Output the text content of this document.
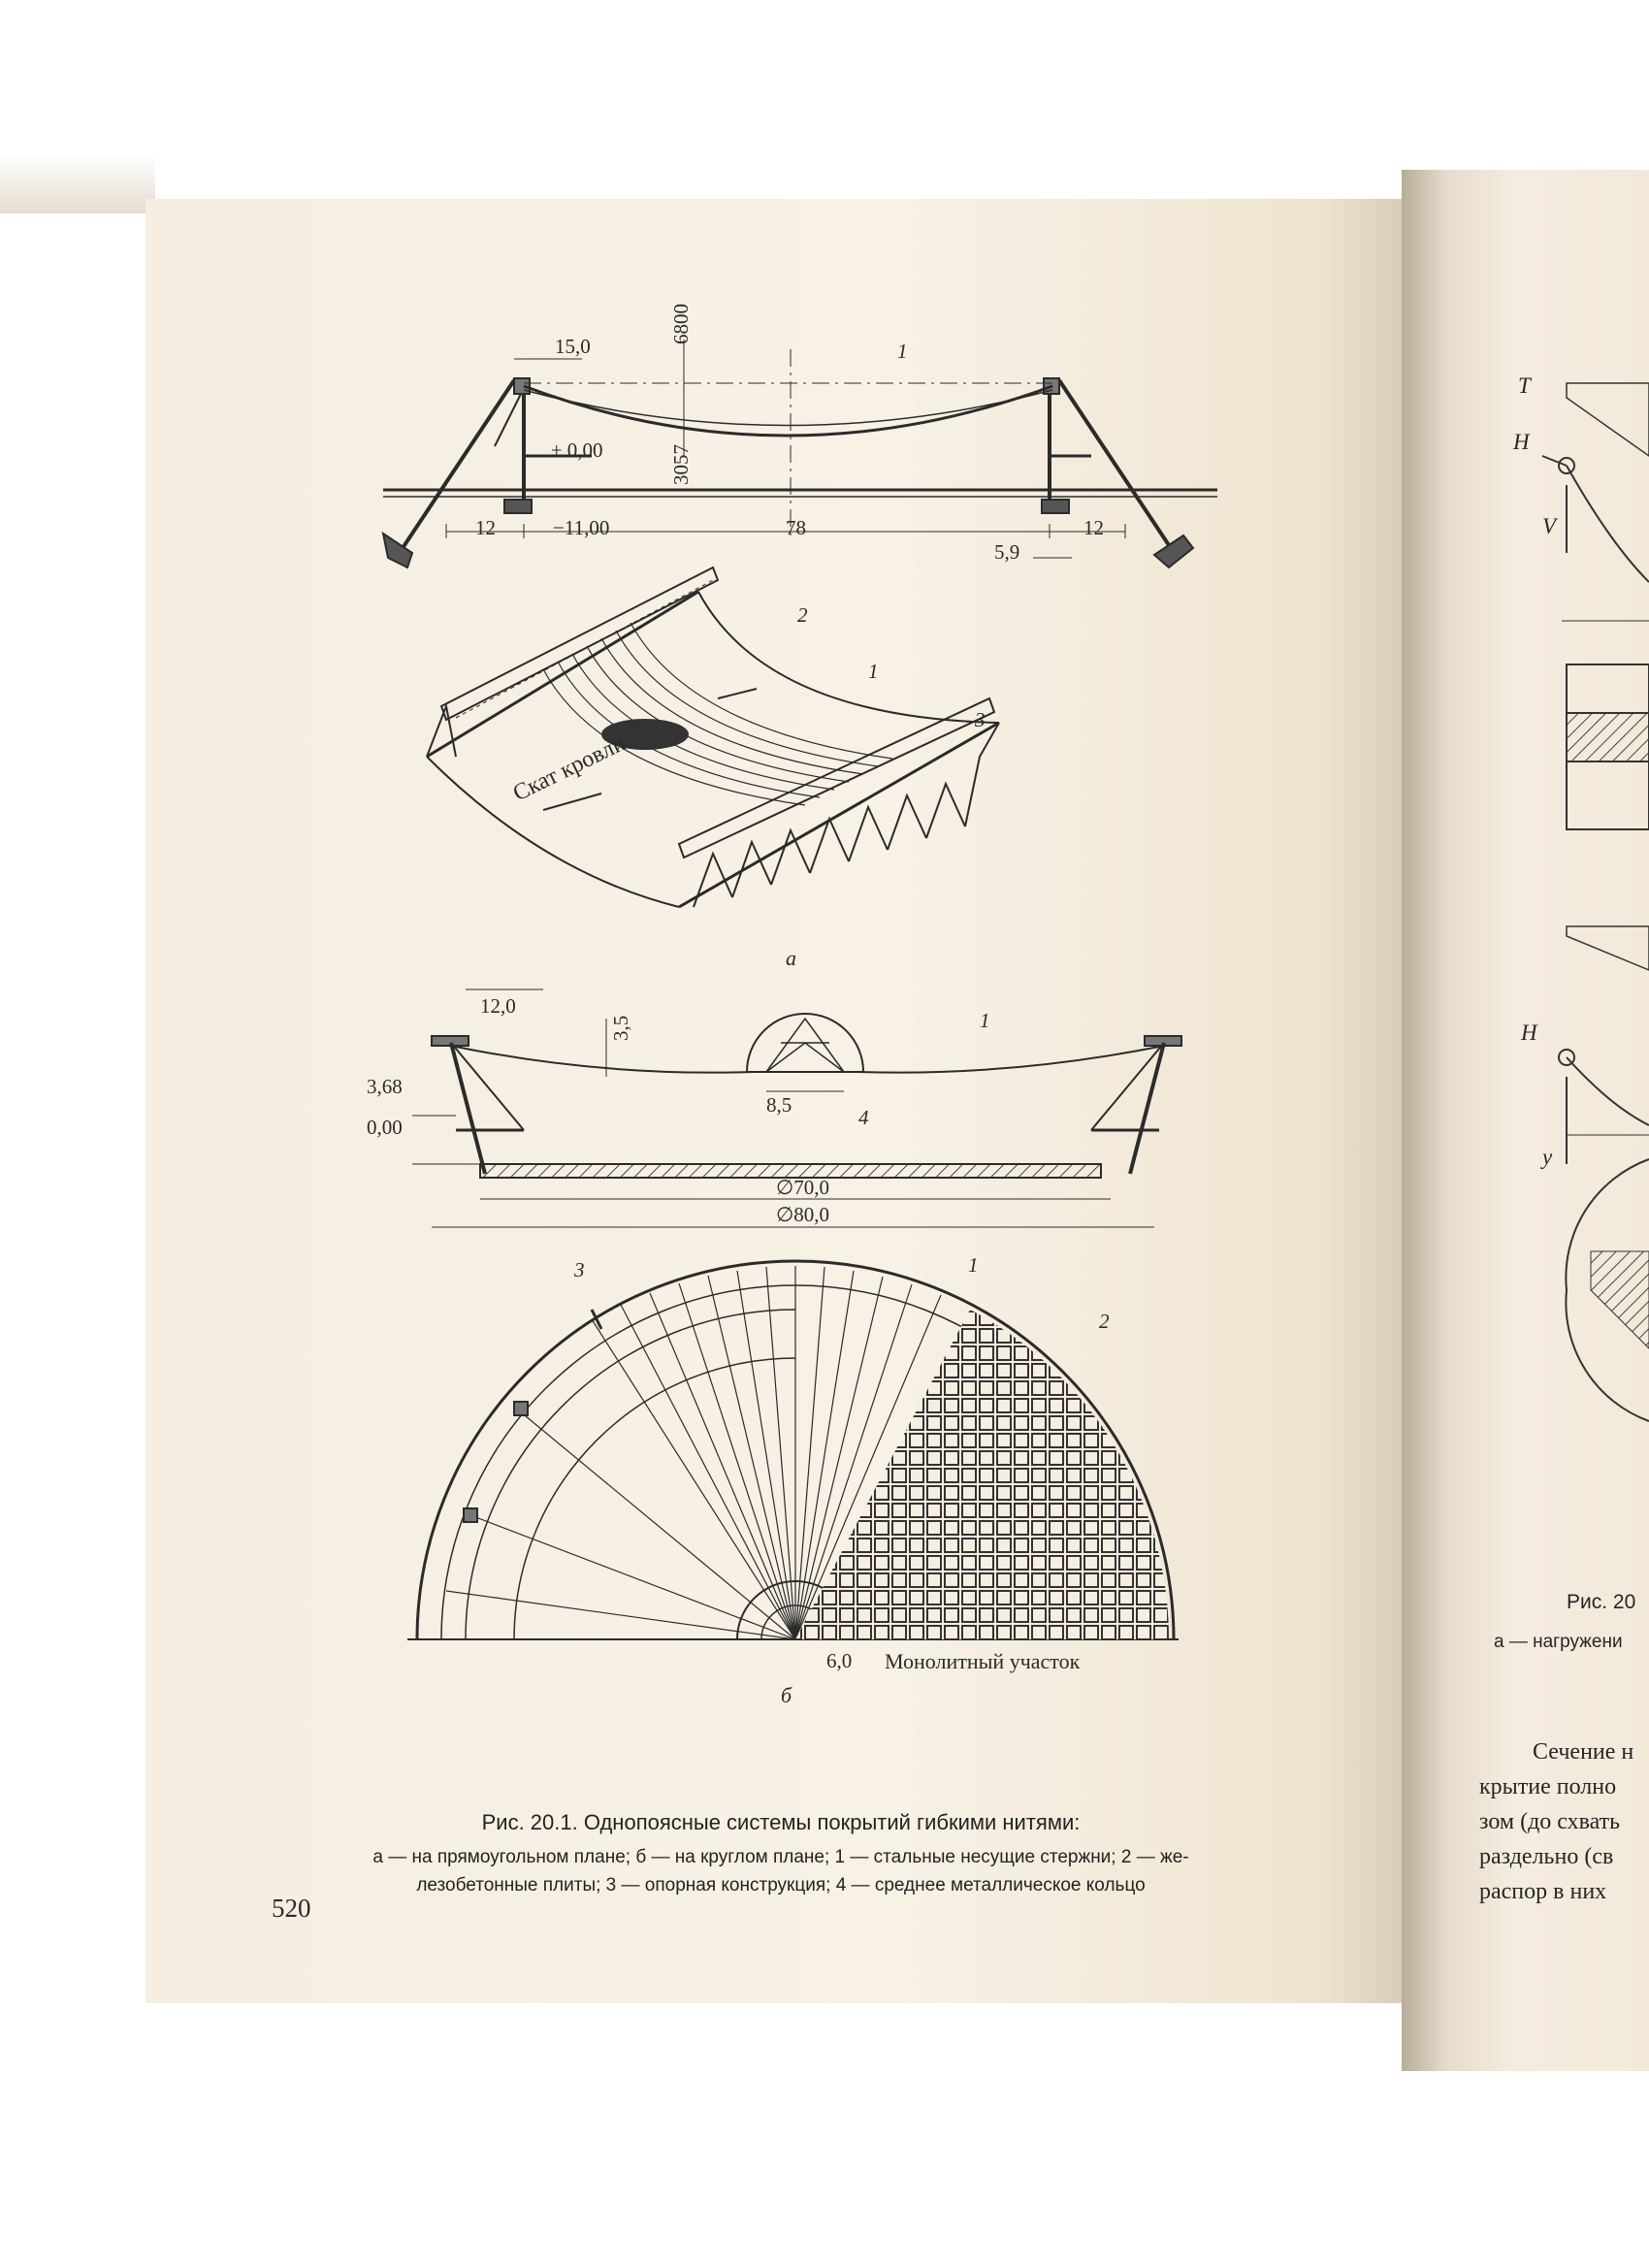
15,0
6800
± 0,00	3057
12	−11,00	78
5,9
12
1
2
1
3
Скат кровли
а
12,0
3,5
3,68
0,00
8,5
∅70,0
∅80,0
6,0
1
4
3	1
2
Монолитный участок
б
Рис. 20.1. Однопоясные системы покрытий гибкими нитями:
а — на прямоугольном плане; б — на круглом плане; 1 — стальные несущие стержни; 2 — же-
лезобетонные плиты; 3 — опорная конструкция; 4 — среднее металлическое кольцо
520
T
H
V
H
y
Рис. 20
а — нагружени
Сечение н
крытие полно
зом (до схвать
раздельно (св
распор в них
